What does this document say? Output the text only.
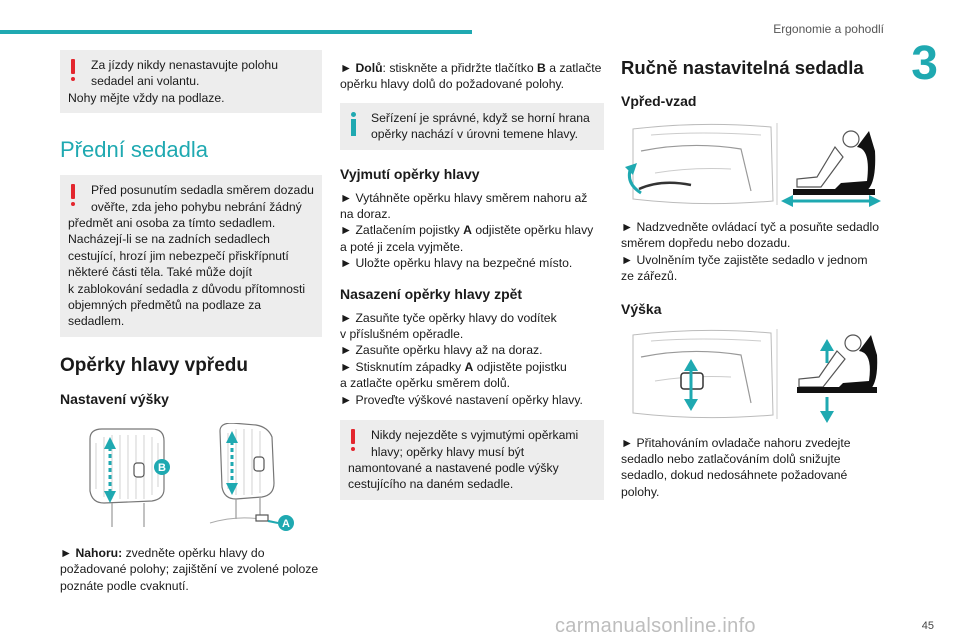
Ergonomie a pohodlí
3
Za jízdy nikdy nenastavujte polohu
sedadel ani volantu.
Nohy mějte vždy na podlaze.
Přední sedadla
Před posunutím sedadla směrem dozadu
ověřte, zda jeho pohybu nebrání žádný
předmět ani osoba za tímto sedadlem.
Nacházejí-li se na zadních sedadlech
cestující, hrozí jim nebezpečí přiskřípnutí
některé části těla. Také může dojít
k zablokování sedadla z důvodu přítomnosti
objemných předmětů na podlaze za
sedadlem.
Opěrky hlavy vpředu
Nastavení výšky
B
A

► Nahoru: zvedněte opěrku hlavy do
požadované polohy; zajištění ve zvolené poloze
poznáte podle cvaknutí.

► Dolů: stiskněte a přidržte tlačítko B a zatlačte
opěrku hlavy dolů do požadované polohy.

Seřízení je správné, když se horní hrana
opěrky nachází v úrovni temene hlavy.
Vyjmutí opěrky hlavy

► Vytáhněte opěrku hlavy směrem nahoru až
na doraz.

► Zatlačením pojistky A odjistěte opěrku hlavy
a poté ji zcela vyjměte.

► Uložte opěrku hlavy na bezpečné místo.

Nasazení opěrky hlavy zpět

► Zasuňte tyče opěrky hlavy do vodítek
v příslušném opěradle.

► Zasuňte opěrku hlavy až na doraz.

► Stisknutím západky A odjistěte pojistku
a zatlačte opěrku směrem dolů.

► Proveďte výškové nastavení opěrky hlavy.

Nikdy nejezděte s vyjmutými opěrkami
hlavy; opěrky hlavy musí být
namontované a nastavené podle výšky
cestujícího na daném sedadle.
Ručně nastavitelná sedadla
Vpřed-vzad

► Nadzvedněte ovládací tyč a posuňte sedadlo
směrem dopředu nebo dozadu.

► Uvolněním tyče zajistěte sedadlo v jednom
ze zářezů.

Výška

► Přitahováním ovladače nahoru zvedejte
sedadlo nebo zatlačováním dolů snižujte
sedadlo, dokud nedosáhnete požadované
polohy.

carmanualsonline.info	45
